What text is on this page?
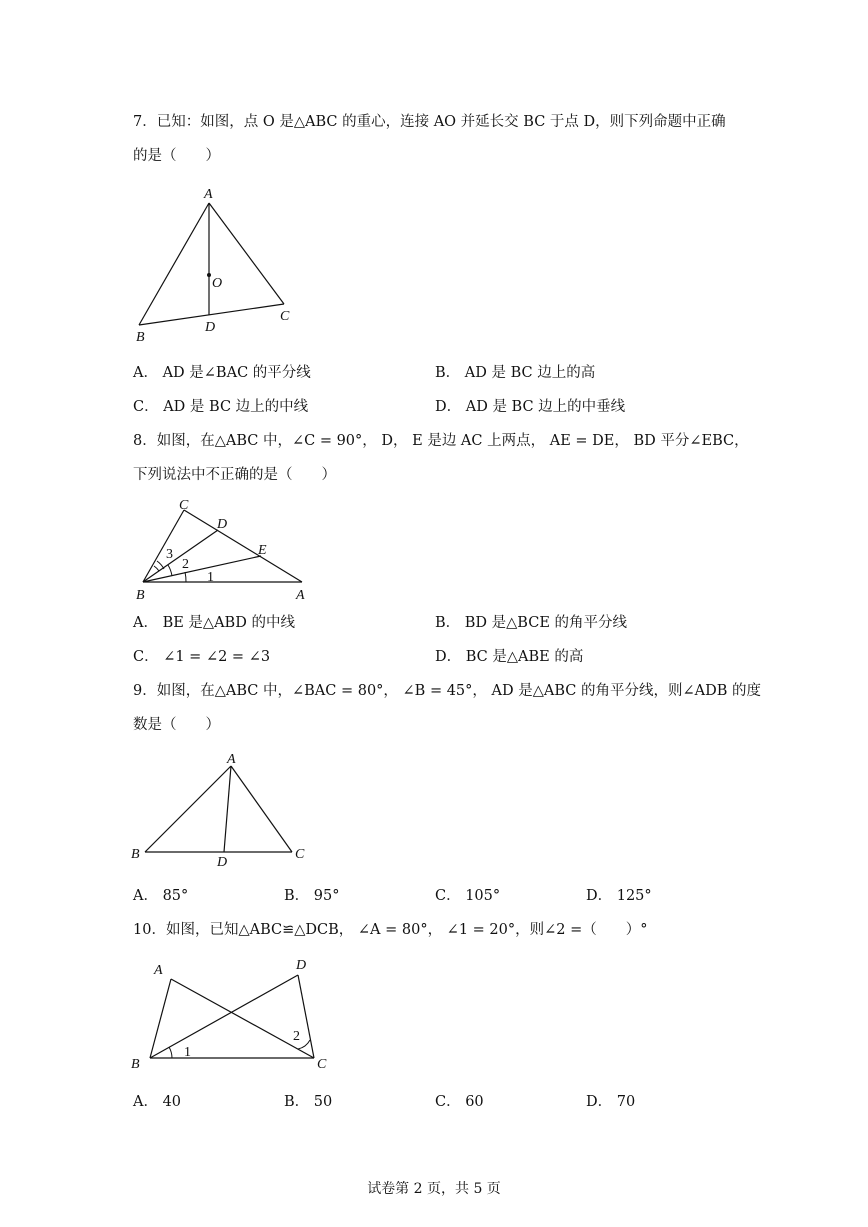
7．已知：如图，点 O 是△ABC 的重心，连接 AO 并延长交 BC 于点 D，则下列命题中正确
的是（　　）
A
O
B
D
C
A． AD 是∠BAC 的平分线	B． AD 是 BC 边上的高
C． AD 是 BC 边上的中线	D． AD 是 BC 边上的中垂线
8．如图，在△ABC 中，∠C = 90°， D， E 是边 AC 上两点， AE = DE， BD 平分∠EBC，
下列说法中不正确的是（　　）
C
D
E
B	A
1
2
3
A． BE 是△ABD 的中线	B． BD 是△BCE 的角平分线
C． ∠1 = ∠2 = ∠3	D． BC 是△ABE 的高
9．如图，在△ABC 中，∠BAC = 80°， ∠B = 45°， AD 是△ABC 的角平分线，则∠ADB 的度
数是（　　）
A
B
D
C
A． 85°	B． 95°	C． 105°	D． 125°
10．如图，已知△ABC≌△DCB， ∠A = 80°， ∠1 = 20°，则∠2 =（　　）°
A	D
B	C
1
2
A． 40	B． 50	C． 60	D． 70
试卷第 2 页，共 5 页
